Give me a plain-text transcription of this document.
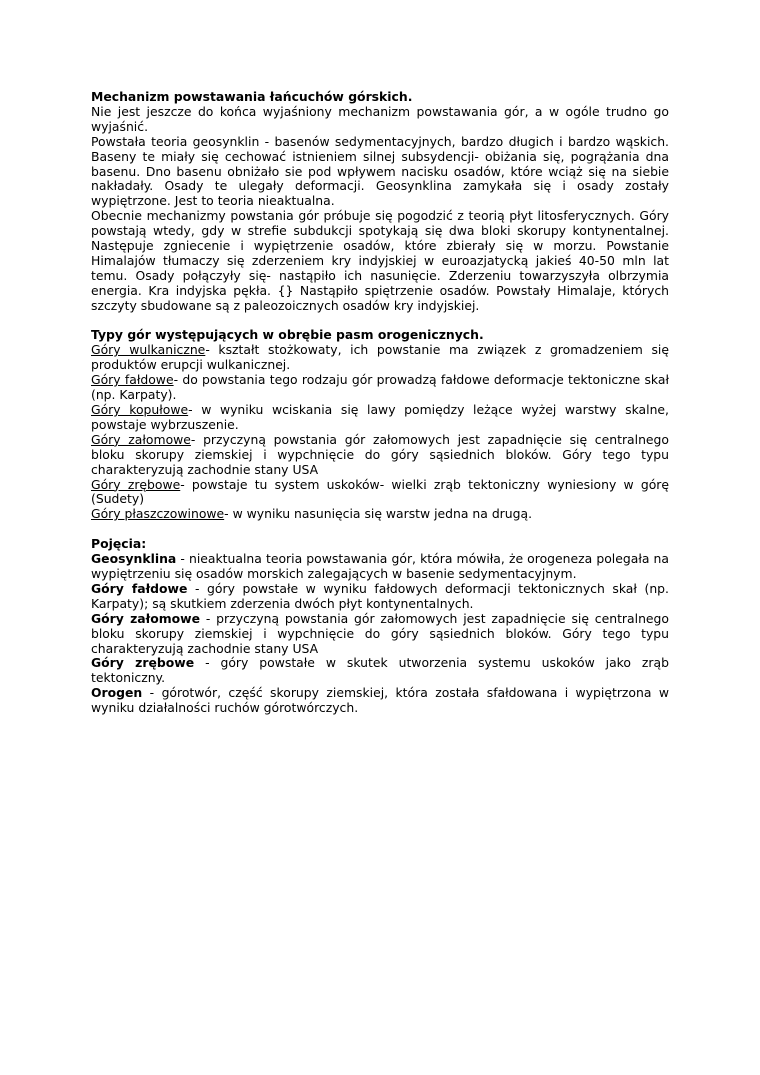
Mechanizm powstawania łańcuchów górskich.

Nie jest jeszcze do końca wyjaśniony mechanizm powstawania gór, a w ogóle trudno go wyjaśnić.

Powstała teoria geosynklin - basenów sedymentacyjnych, bardzo długich i bardzo wąskich. Baseny te miały się cechować istnieniem silnej subsydencji- obiżania się, pogrążania dna basenu. Dno basenu obniżało sie pod wpływem nacisku osadów, które wciąż się na siebie nakładały. Osady te ulegały deformacji. Geosynklina zamykała się i osady zostały wypiętrzone. Jest to teoria nieaktualna.

Obecnie mechanizmy powstania gór próbuje się pogodzić z teorią płyt litosferycznych. Góry powstają wtedy, gdy w strefie subdukcji spotykają się dwa bloki skorupy kontynentalnej. Następuje zgniecenie i wypiętrzenie osadów, które zbierały się w morzu. Powstanie Himalajów tłumaczy się zderzeniem kry indyjskiej w euroazjatycką jakieś 40-50 mln lat temu. Osady połączyły się- nastąpiło ich nasunięcie. Zderzeniu towarzyszyła olbrzymia energia. Kra indyjska pękła. {} Nastąpiło spiętrzenie osadów. Powstały Himalaje, których szczyty sbudowane są z paleozoicznych osadów kry indyjskiej.

Typy gór występujących w obrębie pasm orogenicznych.

Góry wulkaniczne- kształt stożkowaty, ich powstanie ma związek z gromadzeniem się produktów erupcji wulkanicznej.

Góry fałdowe- do powstania tego rodzaju gór prowadzą fałdowe deformacje tektoniczne skał (np. Karpaty).

Góry kopułowe- w wyniku wciskania się lawy pomiędzy leżące wyżej warstwy skalne, powstaje wybrzuszenie.

Góry załomowe- przyczyną powstania gór załomowych jest zapadnięcie się centralnego bloku skorupy ziemskiej i wypchnięcie do góry sąsiednich bloków. Góry tego typu charakteryzują zachodnie stany USA

Góry zrębowe- powstaje tu system uskoków- wielki zrąb tektoniczny wyniesiony w górę (Sudety)

Góry płaszczowinowe- w wyniku nasunięcia się warstw jedna na drugą.

Pojęcia:

Geosynklina - nieaktualna teoria powstawania gór, która mówiła, że orogeneza polegała na wypiętrzeniu się osadów morskich zalegających w basenie sedymentacyjnym.

Góry fałdowe - góry powstałe w wyniku fałdowych deformacji tektonicznych skał (np. Karpaty); są skutkiem zderzenia dwóch płyt kontynentalnych.

Góry załomowe - przyczyną powstania gór załomowych jest zapadnięcie się centralnego bloku skorupy ziemskiej i wypchnięcie do góry sąsiednich bloków. Góry tego typu charakteryzują zachodnie stany USA

Góry zrębowe - góry powstałe w skutek utworzenia systemu uskoków jako zrąb tektoniczny.

Orogen - górotwór, część skorupy ziemskiej, która została sfałdowana i wypiętrzona w wyniku działalności ruchów górotwórczych.
